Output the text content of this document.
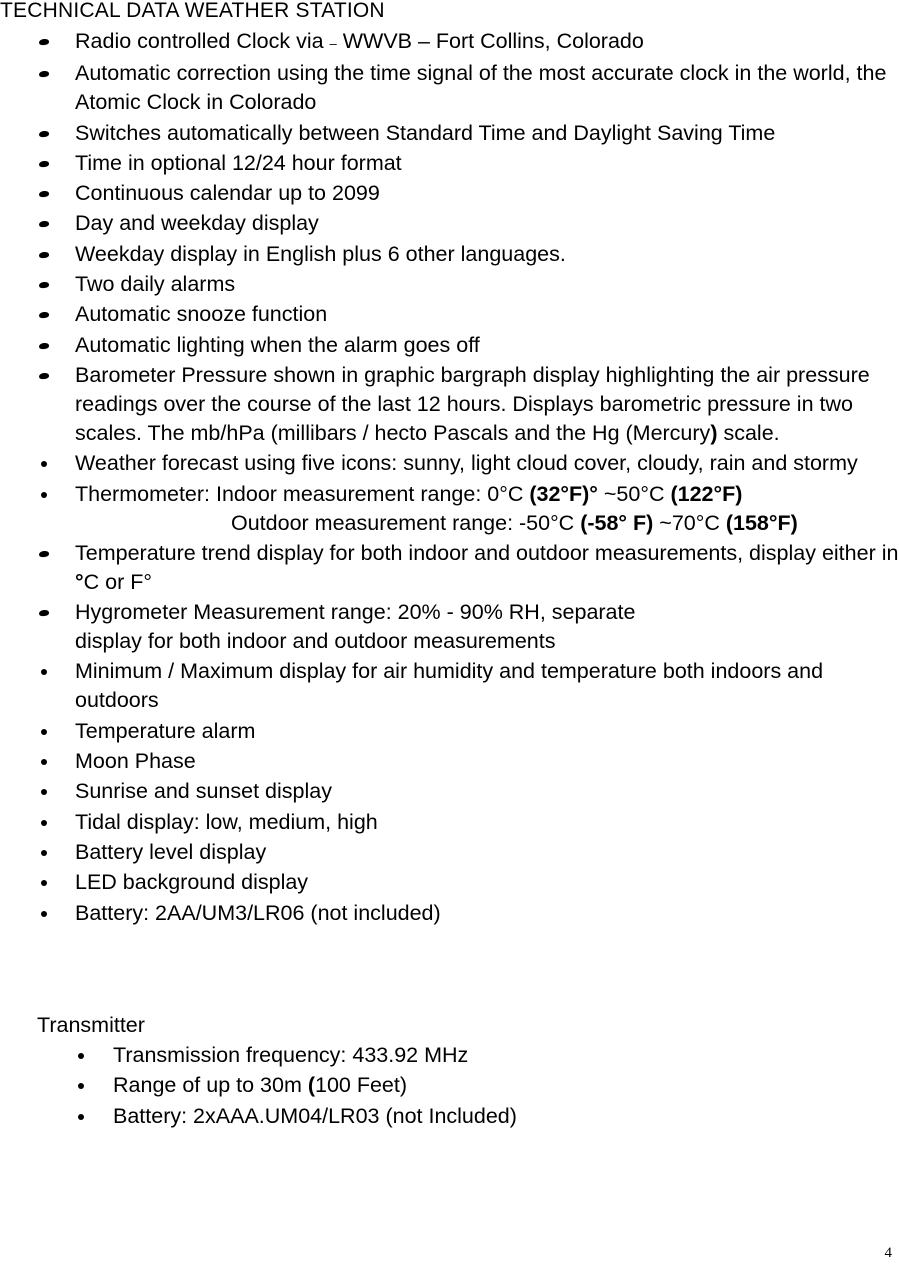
TECHNICAL DATA WEATHER STATION
Radio controlled Clock via – WWVB – Fort Collins, Colorado
Automatic correction using the time signal of the most accurate clock in the world, the Atomic Clock in Colorado
Switches automatically between Standard Time and Daylight Saving Time
Time in optional 12/24 hour format
Continuous calendar up to 2099
Day and weekday display
Weekday display in English plus 6 other languages.
Two daily alarms
Automatic snooze function
Automatic lighting when the alarm goes off
Barometer Pressure shown in graphic bargraph display highlighting the air pressure readings over the course of the last 12 hours. Displays barometric pressure in two scales. The mb/hPa (millibars / hecto Pascals and the Hg (Mercury) scale.
Weather forecast using five icons: sunny, light cloud cover, cloudy, rain and stormy
Thermometer: Indoor measurement range: 0°C (32°F)° ~50°C (122°F)
Outdoor measurement range: -50°C (-58° F) ~70°C (158°F)
Temperature trend display for both indoor and outdoor measurements, display either in °C or F°
Hygrometer Measurement range: 20% - 90% RH, separate
display for both indoor and outdoor measurements
Minimum / Maximum display for air humidity and temperature both indoors and outdoors
Temperature alarm
Moon Phase
Sunrise and sunset display
Tidal display: low, medium, high
Battery level display
LED background display
Battery: 2AA/UM3/LR06 (not included)
Transmitter
Transmission frequency: 433.92 MHz
Range of up to 30m (100 Feet)
Battery: 2xAAA.UM04/LR03 (not Included)
4
